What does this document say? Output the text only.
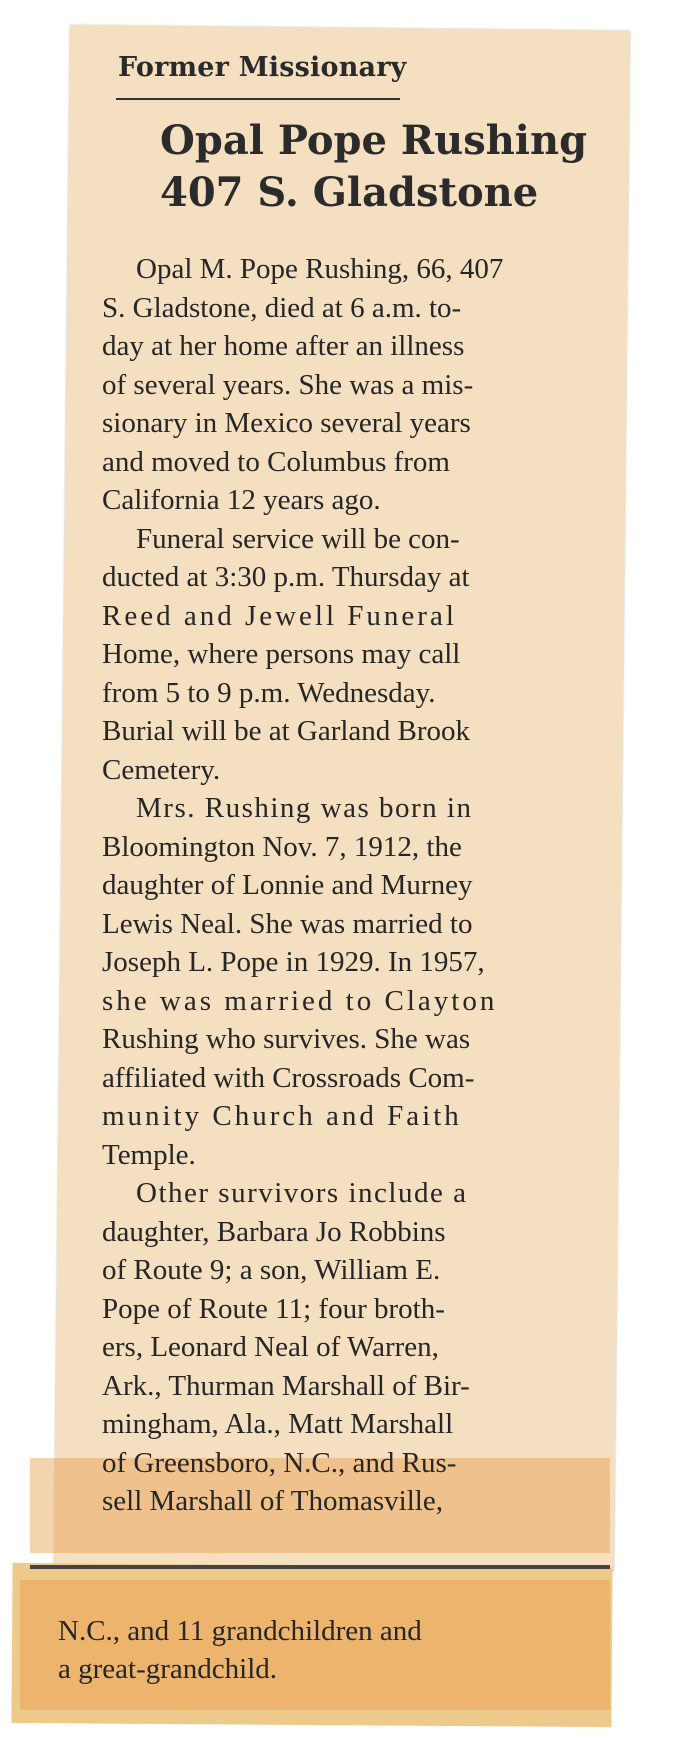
Former Missionary
Opal Pope Rushing
407 S. Gladstone
Opal M. Pope Rushing, 66, 407
S. Gladstone, died at 6 a.m. to-
day at her home after an illness
of several years. She was a mis-
sionary in Mexico several years
and moved to Columbus from
California 12 years ago.
Funeral service will be con-
ducted at 3:30 p.m. Thursday at
Reed and Jewell Funeral
Home, where persons may call
from 5 to 9 p.m. Wednesday.
Burial will be at Garland Brook
Cemetery.
Mrs. Rushing was born in
Bloomington Nov. 7, 1912, the
daughter of Lonnie and Murney
Lewis Neal. She was married to
Joseph L. Pope in 1929. In 1957,
she was married to Clayton
Rushing who survives. She was
affiliated with Crossroads Com-
munity Church and Faith
Temple.
Other survivors include a
daughter, Barbara Jo Robbins
of Route 9; a son, William E.
Pope of Route 11; four broth-
ers, Leonard Neal of Warren,
Ark., Thurman Marshall of Bir-
mingham, Ala., Matt Marshall
of Greensboro, N.C., and Rus-
sell Marshall of Thomasville,
N.C., and 11 grandchildren and
a great-grandchild.
